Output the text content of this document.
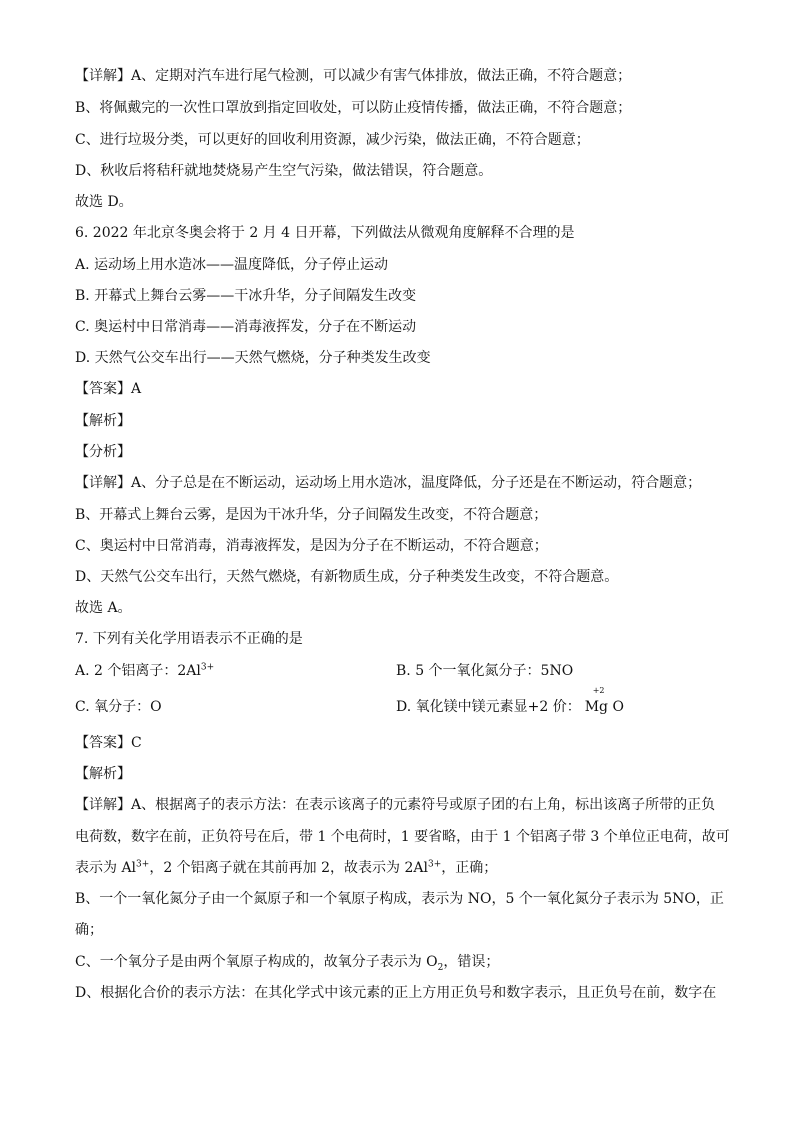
【详解】A、定期对汽车进行尾气检测，可以减少有害气体排放，做法正确，不符合题意；
B、将佩戴完的一次性口罩放到指定回收处，可以防止疫情传播，做法正确，不符合题意；
C、进行垃圾分类，可以更好的回收利用资源，减少污染，做法正确，不符合题意；
D、秋收后将秸秆就地焚烧易产生空气污染，做法错误，符合题意。
故选 D。
6. 2022 年北京冬奥会将于 2 月 4 日开幕，下列做法从微观角度解释不合理的是
A. 运动场上用水造冰——温度降低，分子停止运动
B. 开幕式上舞台云雾——干冰升华，分子间隔发生改变
C. 奥运村中日常消毒——消毒液挥发，分子在不断运动
D. 天然气公交车出行——天然气燃烧，分子种类发生改变
【答案】A
【解析】
【分析】
【详解】A、分子总是在不断运动，运动场上用水造冰，温度降低，分子还是在不断运动，符合题意；
B、开幕式上舞台云雾，是因为干冰升华，分子间隔发生改变，不符合题意；
C、奥运村中日常消毒，消毒液挥发，是因为分子在不断运动，不符合题意；
D、天然气公交车出行，天然气燃烧，有新物质生成，分子种类发生改变，不符合题意。
故选 A。
7. 下列有关化学用语表示不正确的是
A. 2 个铝离子：$2Al^{3+}$	B. 5 个一氧化氮分子：5NO
C. 氧分子：O	D. 氧化镁中镁元素显+2 价：
+2
Mg O
【答案】C
【解析】
【详解】A、根据离子的表示方法：在表示该离子的元素符号或原子团的右上角，标出该离子所带的正负
电荷数，数字在前，正负符号在后，带 1 个电荷时，1 要省略，由于 1 个铝离子带 3 个单位正电荷，故可
表示为 $Al^{3+}$，2 个铝离子就在其前再加 2，故表示为 $2Al^{3+}$，正确；
B、一个一氧化氮分子由一个氮原子和一个氧原子构成，表示为 NO，5 个一氧化氮分子表示为 5NO，正
确；
C、一个氧分子是由两个氧原子构成的，故氧分子表示为 $O_2$，错误；
D、根据化合价的表示方法：在其化学式中该元素的正上方用正负号和数字表示，且正负号在前，数字在
